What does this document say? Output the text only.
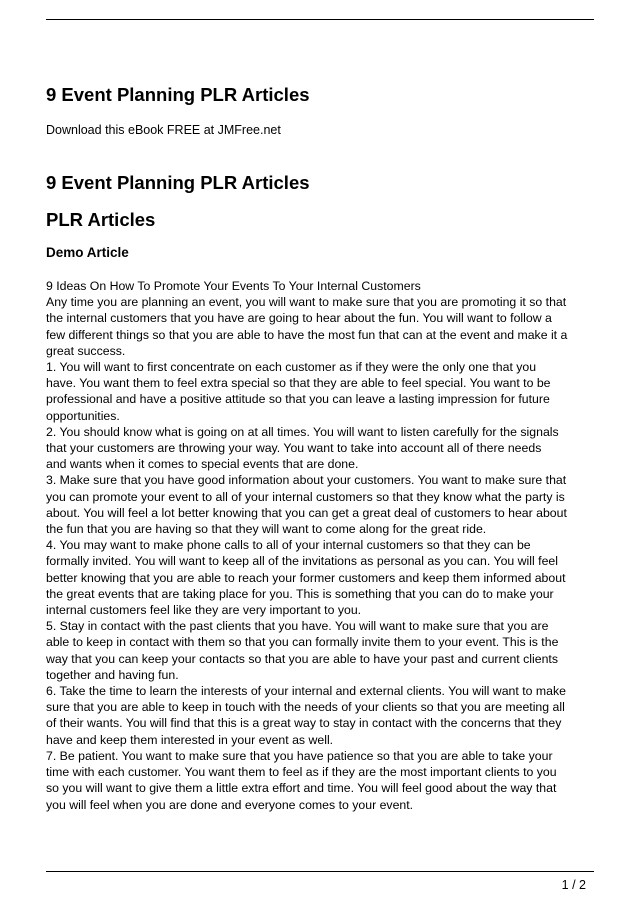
9 Event Planning PLR Articles

Download this eBook FREE at JMFree.net

9 Event Planning PLR Articles
PLR Articles
Demo Article
9 Ideas On How To Promote Your Events To Your Internal Customers
Any time you are planning an event, you will want to make sure that you are promoting it so that
the internal customers that you have are going to hear about the fun. You will want to follow a
few different things so that you are able to have the most fun that can at the event and make it a
great success.
1. You will want to first concentrate on each customer as if they were the only one that you
have. You want them to feel extra special so that they are able to feel special. You want to be
professional and have a positive attitude so that you can leave a lasting impression for future
opportunities.
2. You should know what is going on at all times. You will want to listen carefully for the signals
that your customers are throwing your way. You want to take into account all of there needs
and wants when it comes to special events that are done.
3. Make sure that you have good information about your customers. You want to make sure that
you can promote your event to all of your internal customers so that they know what the party is
about. You will feel a lot better knowing that you can get a great deal of customers to hear about
the fun that you are having so that they will want to come along for the great ride.
4. You may want to make phone calls to all of your internal customers so that they can be
formally invited. You will want to keep all of the invitations as personal as you can. You will feel
better knowing that you are able to reach your former customers and keep them informed about
the great events that are taking place for you. This is something that you can do to make your
internal customers feel like they are very important to you.
5. Stay in contact with the past clients that you have. You will want to make sure that you are
able to keep in contact with them so that you can formally invite them to your event. This is the
way that you can keep your contacts so that you are able to have your past and current clients
together and having fun.
6. Take the time to learn the interests of your internal and external clients. You will want to make
sure that you are able to keep in touch with the needs of your clients so that you are meeting all
of their wants. You will find that this is a great way to stay in contact with the concerns that they
have and keep them interested in your event as well.
7. Be patient. You want to make sure that you have patience so that you are able to take your
time with each customer. You want them to feel as if they are the most important clients to you
so you will want to give them a little extra effort and time. You will feel good about the way that
you will feel when you are done and everyone comes to your event.
1 / 2
